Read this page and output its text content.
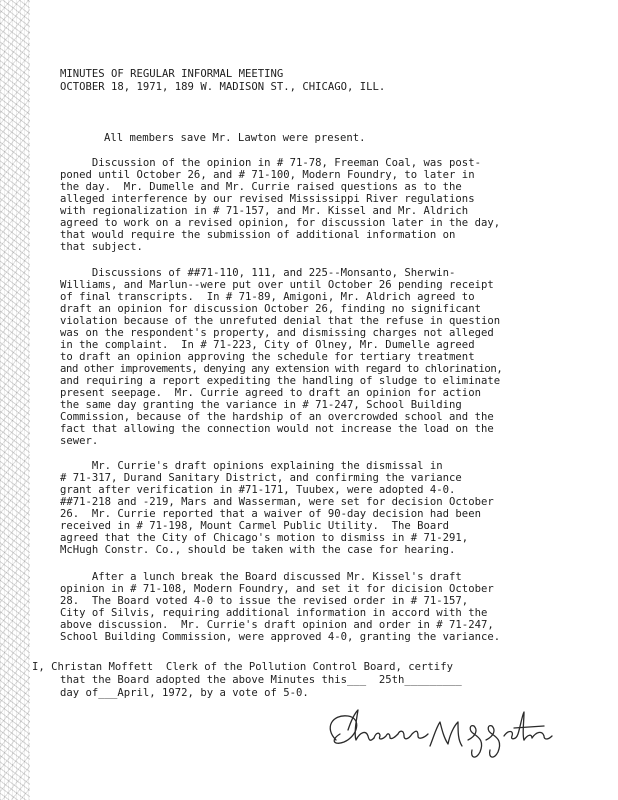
MINUTES OF REGULAR INFORMAL MEETING
OCTOBER 18, 1971, 189 W. MADISON ST., CHICAGO, ILL.
All members save Mr. Lawton were present.
Discussion of the opinion in # 71-78, Freeman Coal, was post-
poned until October 26, and # 71-100, Modern Foundry, to later in
the day.  Mr. Dumelle and Mr. Currie raised questions as to the
alleged interference by our revised Mississippi River regulations
with regionalization in # 71-157, and Mr. Kissel and Mr. Aldrich
agreed to work on a revised opinion, for discussion later in the day,
that would require the submission of additional information on
that subject.
Discussions of ##71-110, 111, and 225--Monsanto, Sherwin-
Williams, and Marlun--were put over until October 26 pending receipt
of final transcripts.  In # 71-89, Amigoni, Mr. Aldrich agreed to
draft an opinion for discussion October 26, finding no significant
violation because of the unrefuted denial that the refuse in question
was on the respondent's property, and dismissing charges not alleged
in the complaint.  In # 71-223, City of Olney, Mr. Dumelle agreed
to draft an opinion approving the schedule for tertiary treatment
and other improvements, denying any extension with regard to chlorination,
and requiring a report expediting the handling of sludge to eliminate
present seepage.  Mr. Currie agreed to draft an opinion for action
the same day granting the variance in # 71-247, School Building
Commission, because of the hardship of an overcrowded school and the
fact that allowing the connection would not increase the load on the
sewer.
Mr. Currie's draft opinions explaining the dismissal in
# 71-317, Durand Sanitary District, and confirming the variance
grant after verification in #71-171, Tuubex, were adopted 4-0.
##71-218 and -219, Mars and Wasserman, were set for decision October
26.  Mr. Currie reported that a waiver of 90-day decision had been
received in # 71-198, Mount Carmel Public Utility.  The Board
agreed that the City of Chicago's motion to dismiss in # 71-291,
McHugh Constr. Co., should be taken with the case for hearing.
After a lunch break the Board discussed Mr. Kissel's draft
opinion in # 71-108, Modern Foundry, and set it for dicision October
28.  The Board voted 4-0 to issue the revised order in # 71-157,
City of Silvis, requiring additional information in accord with the
above discussion.  Mr. Currie's draft opinion and order in # 71-247,
School Building Commission, were approved 4-0, granting the variance.
I, Christan Moffett  Clerk of the Pollution Control Board, certify
that the Board adopted the above Minutes this___  25th_________
day of___April, 1972, by a vote of 5-0.
